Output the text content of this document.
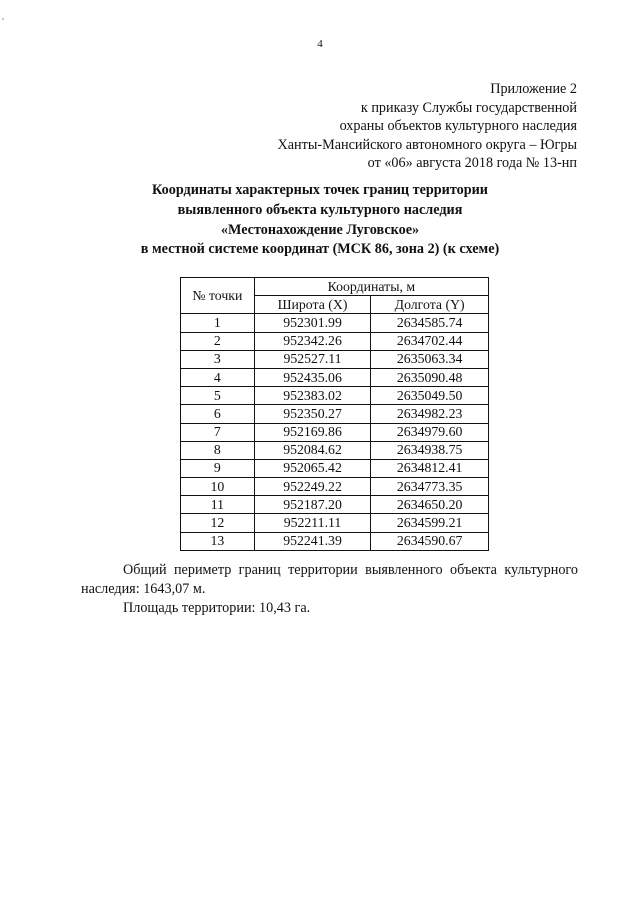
,
4
Приложение 2
к приказу Службы государственной
охраны объектов культурного наследия
Ханты-Мансийского автономного округа – Югры
от «06» августа 2018 года № 13-нп
Координаты характерных точек границ территории
выявленного объекта культурного наследия
«Местонахождение Луговское»
в местной системе координат (МСК 86, зона 2) (к схеме)
№ точки	Координаты, м	
	Широта (X)	Долгота (Y)
1	952301.99	2634585.74
2	952342.26	2634702.44
3	952527.11	2635063.34
4	952435.06	2635090.48
5	952383.02	2635049.50
6	952350.27	2634982.23
7	952169.86	2634979.60
8	952084.62	2634938.75
9	952065.42	2634812.41
10	952249.22	2634773.35
11	952187.20	2634650.20
12	952211.11	2634599.21
13	952241.39	2634590.67
Общий периметр границ территории выявленного объекта культурного наследия: 1643,07 м.
Площадь территории: 10,43 га.
